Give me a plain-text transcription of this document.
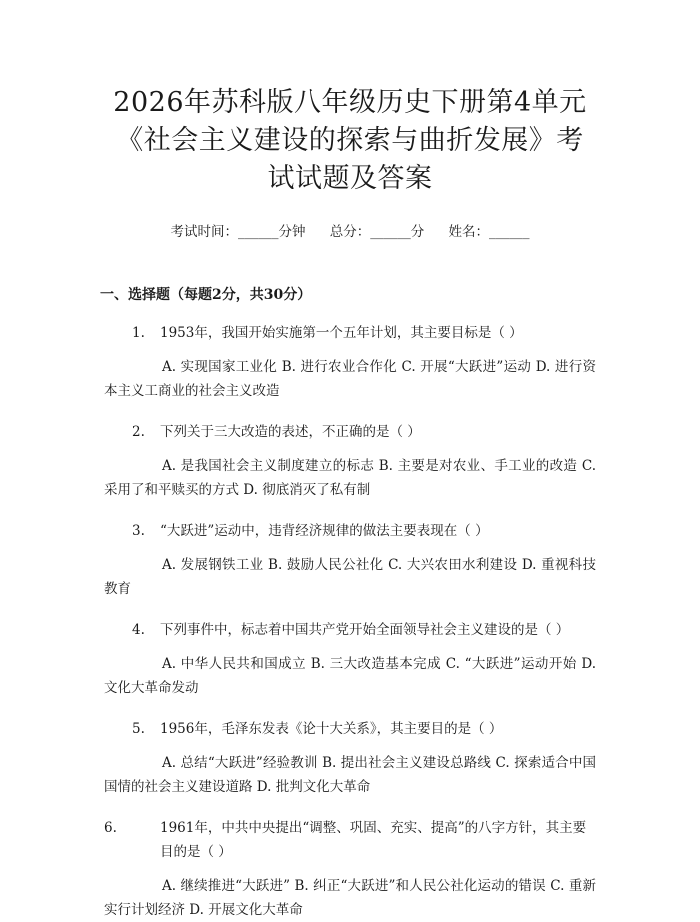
2026年苏科版八年级历史下册第4单元《社会主义建设的探索与曲折发展》考试试题及答案
考试时间：______分钟 总分：______分 姓名：______
一、选择题（每题2分，共30分）
1. 1953年，我国开始实施第一个五年计划，其主要目标是（ ）
A. 实现国家工业化 B. 进行农业合作化 C. 开展“大跃进”运动 D. 进行资本主义工商业的社会主义改造
2. 下列关于三大改造的表述，不正确的是（ ）
A. 是我国社会主义制度建立的标志 B. 主要是对农业、手工业的改造 C. 采用了和平赎买的方式 D. 彻底消灭了私有制
3. “大跃进”运动中，违背经济规律的做法主要表现在（ ）
A. 发展钢铁工业 B. 鼓励人民公社化 C. 大兴农田水利建设 D. 重视科技教育
4. 下列事件中，标志着中国共产党开始全面领导社会主义建设的是（ ）
A. 中华人民共和国成立 B. 三大改造基本完成 C. “大跃进”运动开始 D. 文化大革命发动
5. 1956年，毛泽东发表《论十大关系》，其主要目的是（ ）
A. 总结“大跃进”经验教训 B. 提出社会主义建设总路线 C. 探索适合中国国情的社会主义建设道路 D. 批判文化大革命
6.	1961年，中共中央提出“调整、巩固、充实、提高”的八字方针，其主要目的是（ ）
A. 继续推进“大跃进” B. 纠正“大跃进”和人民公社化运动的错误 C. 重新实行计划经济 D. 开展文化大革命
